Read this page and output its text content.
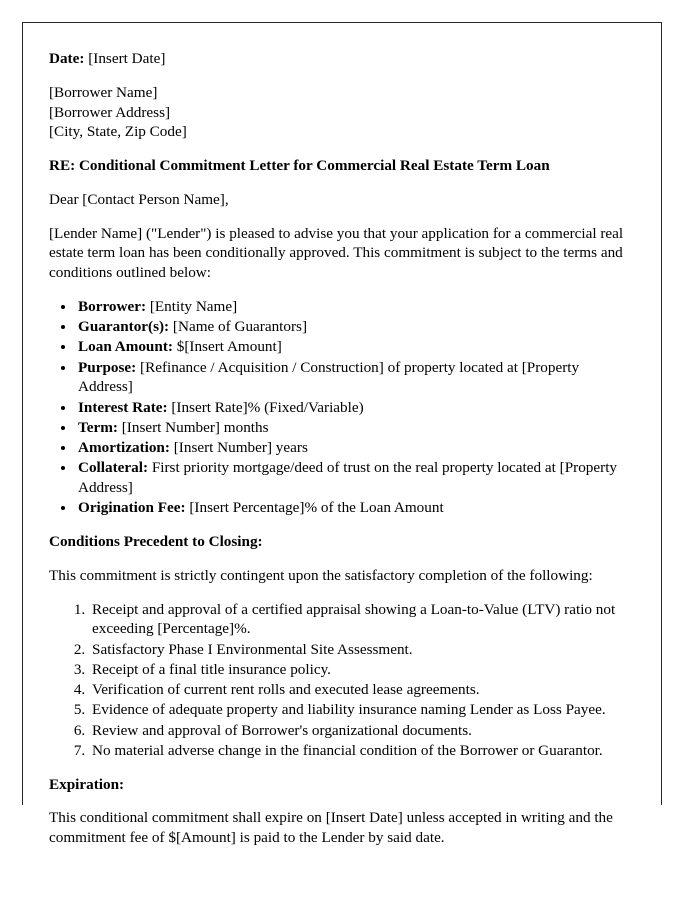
Date: [Insert Date]

[Borrower Name]
[Borrower Address]
[City, State, Zip Code]

RE: Conditional Commitment Letter for Commercial Real Estate Term Loan

Dear [Contact Person Name],

[Lender Name] ("Lender") is pleased to advise you that your application for a commercial real estate term loan has been conditionally approved. This commitment is subject to the terms and conditions outlined below:

• Borrower: [Entity Name]
• Guarantor(s): [Name of Guarantors]
• Loan Amount: $[Insert Amount]
• Purpose: [Refinance / Acquisition / Construction] of property located at [Property Address]
• Interest Rate: [Insert Rate]% (Fixed/Variable)
• Term: [Insert Number] months
• Amortization: [Insert Number] years
• Collateral: First priority mortgage/deed of trust on the real property located at [Property Address]
• Origination Fee: [Insert Percentage]% of the Loan Amount

Conditions Precedent to Closing:

This commitment is strictly contingent upon the satisfactory completion of the following:

1. Receipt and approval of a certified appraisal showing a Loan-to-Value (LTV) ratio not exceeding [Percentage]%.
2. Satisfactory Phase I Environmental Site Assessment.
3. Receipt of a final title insurance policy.
4. Verification of current rent rolls and executed lease agreements.
5. Evidence of adequate property and liability insurance naming Lender as Loss Payee.
6. Review and approval of Borrower's organizational documents.
7. No material adverse change in the financial condition of the Borrower or Guarantor.

Expiration:

This conditional commitment shall expire on [Insert Date] unless accepted in writing and the commitment fee of $[Amount] is paid to the Lender by said date.
